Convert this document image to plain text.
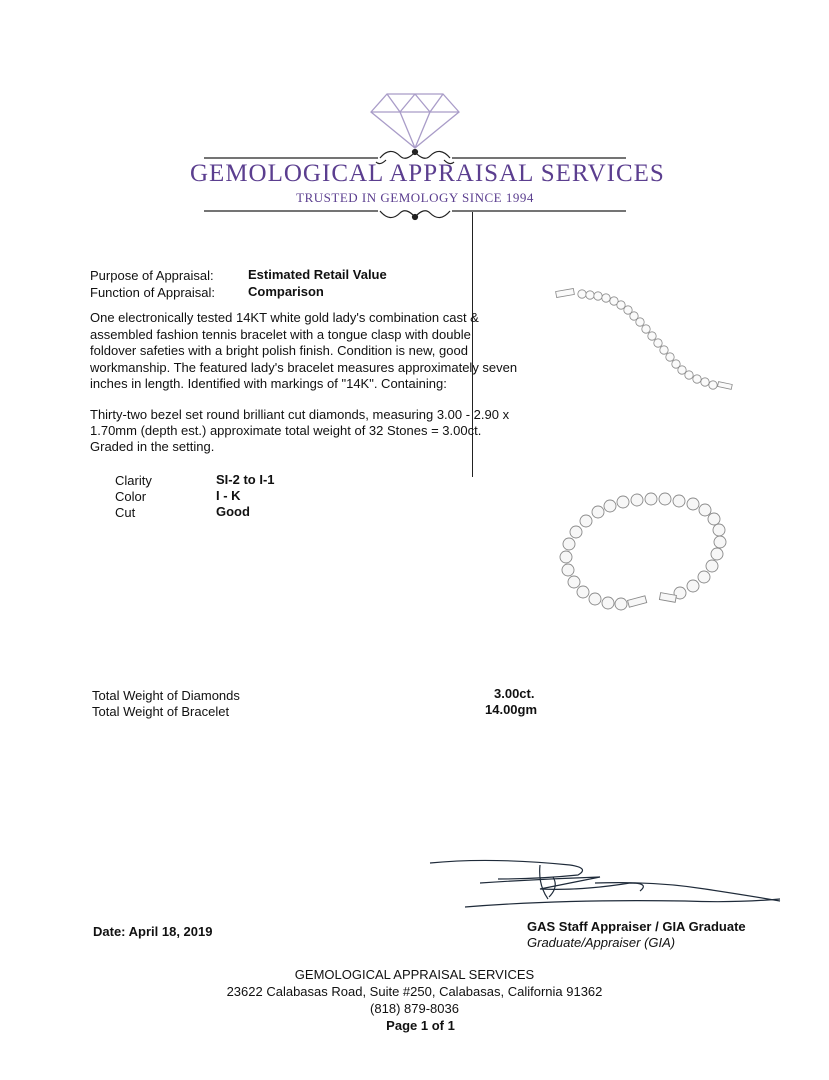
GEMOLOGICAL APPRAISAL SERVICES
TRUSTED IN GEMOLOGY SINCE 1994
Purpose of Appraisal:	Estimated Retail Value
Function of Appraisal:	Comparison

One electronically tested 14KT white gold lady's combination cast & assembled fashion tennis bracelet with a tongue clasp with double foldover safeties with a bright polish finish. Condition is new, good workmanship. The featured lady's bracelet measures approximately seven inches in length. Identified with markings of "14K". Containing:

Thirty-two bezel set round brilliant cut diamonds, measuring 3.00 - 2.90 x 1.70mm (depth est.) approximate total weight of 32 Stones = 3.00ct. Graded in the setting.
Clarity	SI-2 to I-1
Color	I - K
Cut	Good
Total Weight of Diamonds	3.00ct.
Total Weight of Bracelet	14.00gm
Date: April 18, 2019	GAS Staff Appraiser / GIA Graduate
Graduate/Appraiser (GIA)
GEMOLOGICAL APPRAISAL SERVICES
23622 Calabasas Road, Suite #250, Calabasas, California 91362
(818) 879-8036
Page 1 of 1
